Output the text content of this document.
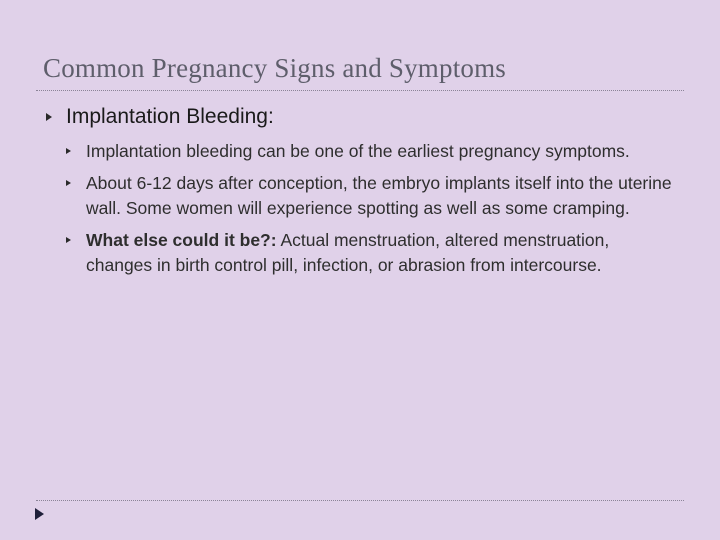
Common Pregnancy Signs and Symptoms
Implantation Bleeding:
Implantation bleeding can be one of the earliest pregnancy symptoms.
About 6-12 days after conception, the embryo implants itself into the uterine wall. Some women will experience spotting as well as some cramping.
What else could it be?: Actual menstruation, altered menstruation, changes in birth control pill, infection, or abrasion from intercourse.
